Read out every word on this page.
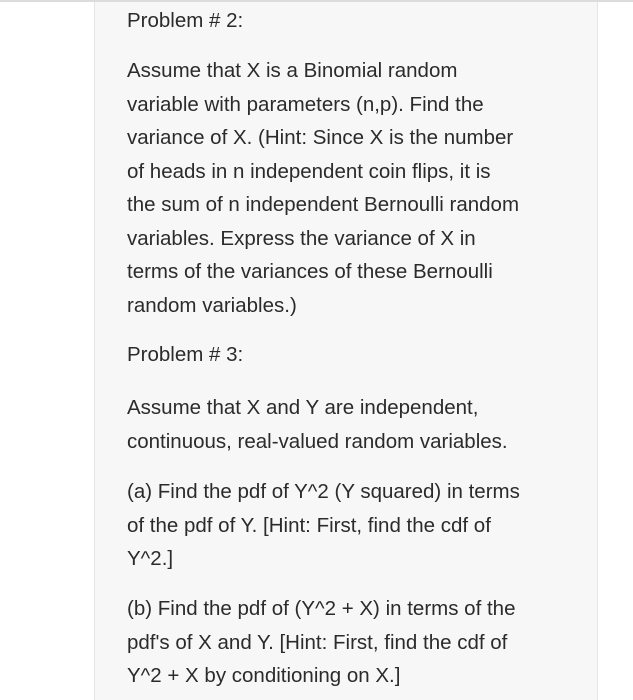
Problem # 2:
Assume that X is a Binomial random
variable with parameters (n,p). Find the
variance of X. (Hint: Since X is the number
of heads in n independent coin flips, it is
the sum of n independent Bernoulli random
variables. Express the variance of X in
terms of the variances of these Bernoulli
random variables.)
Problem # 3:
Assume that X and Y are independent,
continuous, real-valued random variables.
(a) Find the pdf of Y^2 (Y squared) in terms
of the pdf of Y. [Hint: First, find the cdf of
Y^2.]
(b) Find the pdf of (Y^2 + X) in terms of the
pdf's of X and Y. [Hint: First, find the cdf of
Y^2 + X by conditioning on X.]
